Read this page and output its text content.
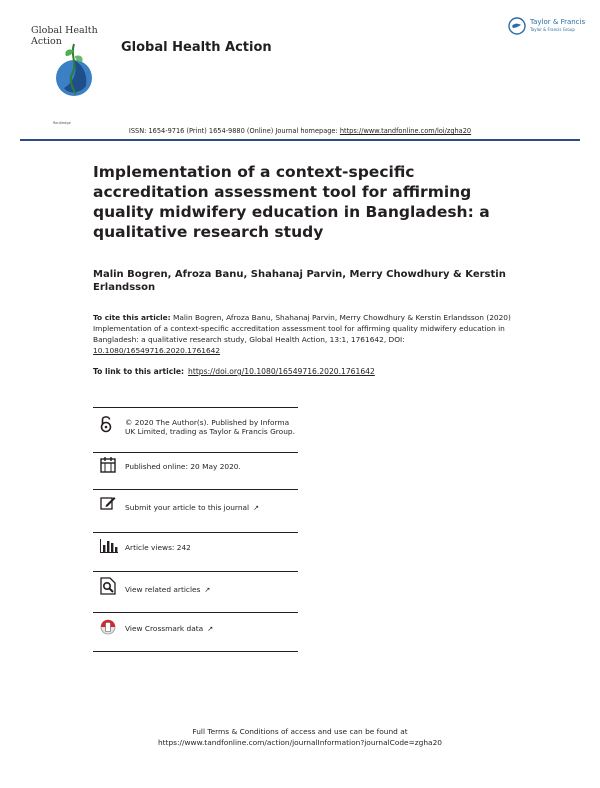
Global Health
Action	Global Health Action
Taylor & Francis
Taylor & Francis Group
Routledge
ISSN: 1654-9716 (Print) 1654-9880 (Online) Journal homepage: https://www.tandfonline.com/loi/zgha20
Implementation of a context-specific accreditation assessment tool for affirming quality midwifery education in Bangladesh: a qualitative research study
Malin Bogren, Afroza Banu, Shahanaj Parvin, Merry Chowdhury & Kerstin Erlandsson
To cite this article: Malin Bogren, Afroza Banu, Shahanaj Parvin, Merry Chowdhury & Kerstin Erlandsson (2020) Implementation of a context-specific accreditation assessment tool for affirming quality midwifery education in Bangladesh: a qualitative research study, Global Health Action, 13:1, 1761642, DOI: 10.1080/16549716.2020.1761642
To link to this article: https://doi.org/10.1080/16549716.2020.1761642
© 2020 The Author(s). Published by Informa UK Limited, trading as Taylor & Francis Group.
Published online: 20 May 2020.
Submit your article to this journal ↗
Article views: 242
View related articles ↗
View Crossmark data ↗
Full Terms & Conditions of access and use can be found at
https://www.tandfonline.com/action/journalInformation?journalCode=zgha20
